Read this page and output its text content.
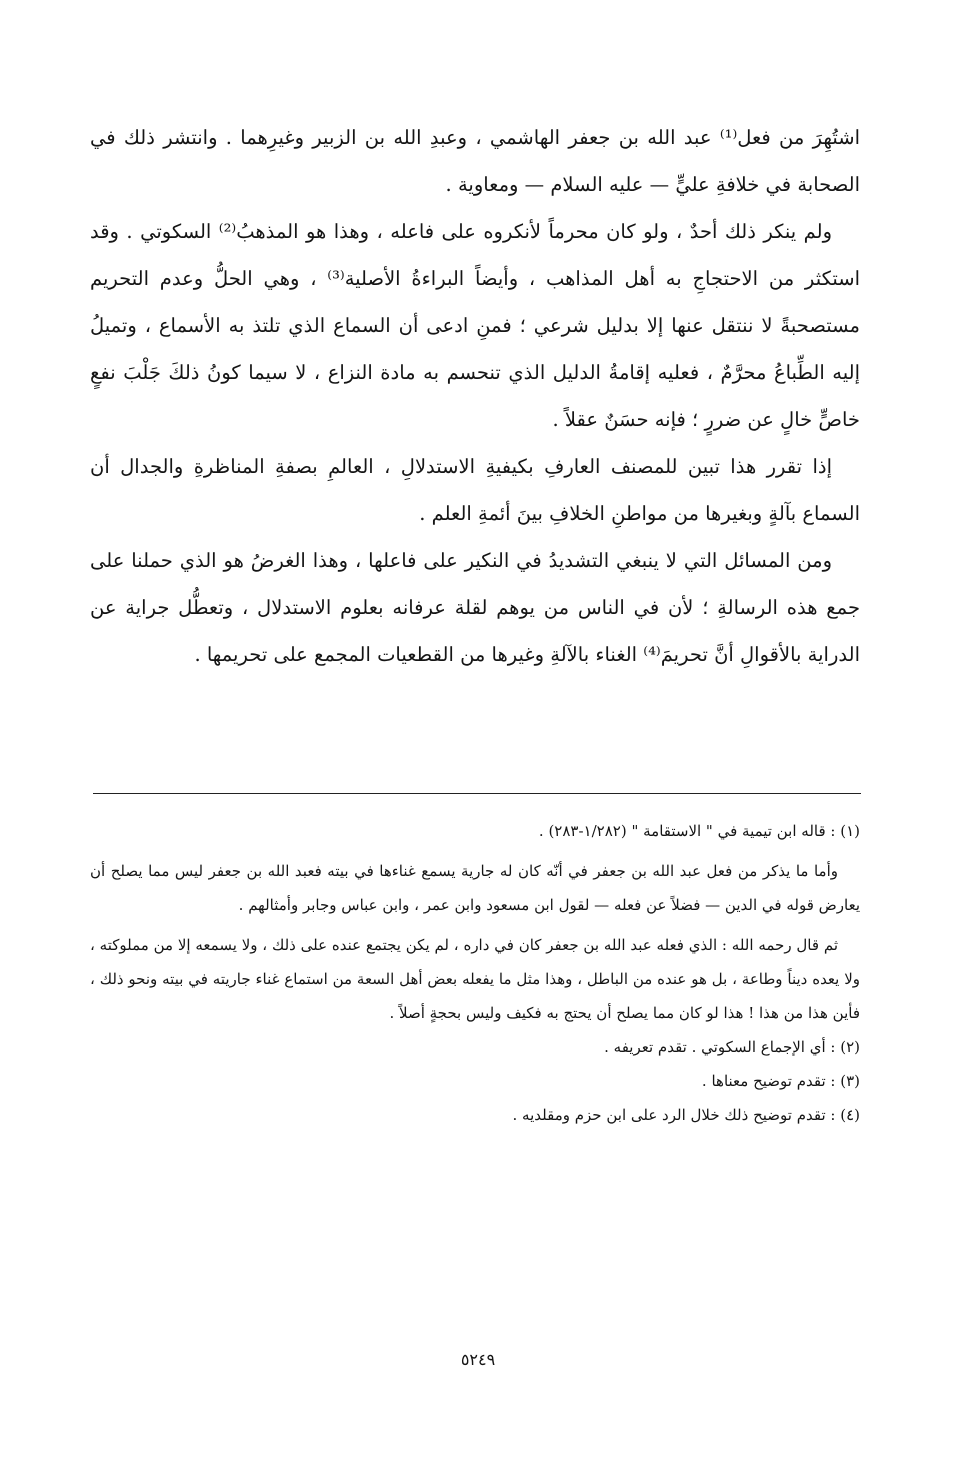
اشتُهِرَ من فعل⁽¹⁾ عبد الله بن جعفر الهاشمي ، وعبدِ الله بن الزبير وغيرِهما . وانتشر ذلك في الصحابة في خلافةِ عليٍّ — عليه السلام — ومعاوية .

ولم ينكر ذلك أحدٌ ، ولو كان محرماً لأنكروه على فاعله ، وهذا هو المذهبُ⁽²⁾ السكوتي . وقد استكثر من الاحتجاجِ به أهل المذاهب ، وأيضاً البراءةُ الأصلية⁽³⁾ ، وهي الحلُّ وعدم التحريم مستصحبةً لا ننتقل عنها إلا بدليل شرعي ؛ فمنِ ادعى أن السماع الذي تلتذ به الأسماع ، وتميلُ إليه الطِّباعُ محرَّمٌ ، فعليه إقامةُ الدليل الذي تنحسم به مادة النزاع ، لا سيما كونُ ذلكَ جَلْبَ نفعٍ خاصٍّ خالٍ عن ضررٍ ؛ فإنه حسَنٌ عقلاً .

إذا تقرر هذا تبين للمصنف العارفِ بكيفيةِ الاستدلالِ ، العالمِ بصفةِ المناظرةِ والجدال أن السماع بآلةٍ وبغيرها من مواطنِ الخلافِ بينَ أئمةِ العلم .

ومن المسائل التي لا ينبغي التشديدُ في النكير على فاعلها ، وهذا الغرضُ هو الذي حملنا على جمع هذه الرسالةِ ؛ لأن في الناس من يوهم لقلة عرفانه بعلوم الاستدلال ، وتعطُّل جراية عن الدراية بالأقوالِ أنَّ تحريمَ⁽⁴⁾ الغناء بالآلةِ وغيرها من القطعيات المجمع على تحريمها .

(١) : قاله ابن تيمية في " الاستقامة " (١/٢٨٢-٢٨٣) .

وأما ما يذكر من فعل عبد الله بن جعفر في أنّه كان له جارية يسمع غناءها في بيته فعبد الله بن جعفر ليس مما يصلح أن يعارض قوله في الدين — فضلاً عن فعله — لقول ابن مسعود وابن عمر ، وابن عباس وجابر وأمثالهم .

ثم قال رحمه الله : الذي فعله عبد الله بن جعفر كان في داره ، لم يكن يجتمع عنده على ذلك ، ولا يسمعه إلا من مملوكته ، ولا يعده ديناً وطاعة ، بل هو عنده من الباطل ، وهذا مثل ما يفعله بعض أهل السعة من استماع غناء جاريته في بيته ونحو ذلك ، فأين هذا من هذا ! هذا لو كان مما يصلح أن يحتج به فكيف وليس بحجةٍ أصلاً .

(٢) : أي الإجماع السكوتي . تقدم تعريفه .

(٣) : تقدم توضيح معناها .

(٤) : تقدم توضيح ذلك خلال الرد على ابن حزم ومقلديه .

٥٢٤٩
